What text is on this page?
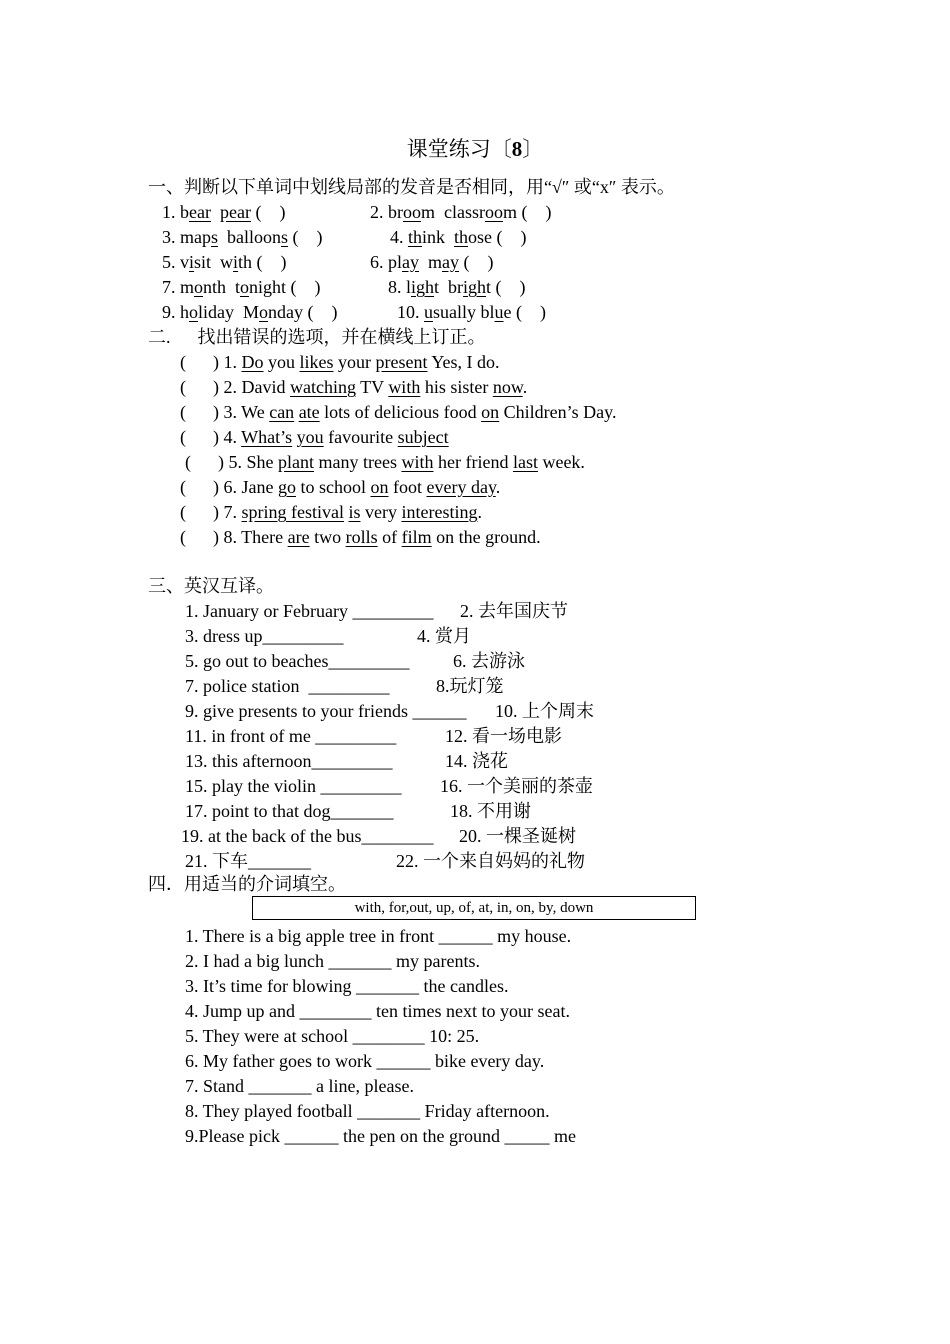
课堂练习〔8〕
一、判断以下单词中划线局部的发音是否相同，用“√″ 或“x″ 表示。
1. bear pear (    )	2. broom  classroom (    )
3. maps  balloons (    )	4. think  those (    )
5. visit  with (    )	6. play  may (    )
7. month  tonight (    )	8. light  bright (    )
9. holiday  Monday (    )	10. usually blue (    )
二.      找出错误的选项，并在横线上订正。
(      ) 1. Do you likes your present Yes, I do.
(      ) 2. David watching TV with his sister now.
(      ) 3. We can ate lots of delicious food on Children’s Day.
(      ) 4. What’s you favourite subject
(      ) 5. She plant many trees with her friend last week.
(      ) 6. Jane go to school on foot every day.
(      ) 7. spring festival is very interesting.
(      ) 8. There are two rolls of film on the ground.
三、英汉互译。
1. January or February _________ 2. 去年国庆节
3. dress up_________	4. 赏月
5. go out to beaches_________ 6. 去游泳
7. police station  _________	8.玩灯笼
9. give presents to your friends ______ 10. 上个周末
11. in front of me _________	12. 看一场电影
13. this afternoon_________	14. 浇花
15. play the violin _________ 16. 一个美丽的茶壶
17. point to that dog_______	18. 不用谢
19. at the back of the bus________ 20. 一棵圣诞树
21. 下车_______	22. 一个来自妈妈的礼物
四．用适当的介词填空。
with, for,out, up, of, at, in, on, by, down
1. There is a big apple tree in front ______ my house.
2. I had a big lunch _______ my parents.
3. It’s time for blowing _______ the candles.
4. Jump up and ________ ten times next to your seat.
5. They were at school ________ 10: 25.
6. My father goes to work ______ bike every day.
7. Stand _______ a line, please.
8. They played football _______ Friday afternoon.
9.Please pick ______ the pen on the ground _____ me
